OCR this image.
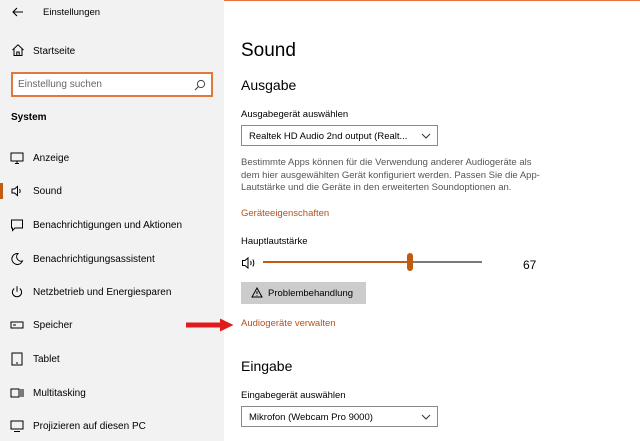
Einstellungen
Startseite
Einstellung suchen
System
Anzeige
Sound
Benachrichtigungen und Aktionen
Benachrichtigungsassistent
Netzbetrieb und Energiesparen
Speicher
Tablet
Multitasking
Projizieren auf diesen PC
Sound
Ausgabe
Ausgabegerät auswählen
Realtek HD Audio 2nd output (Realt...

Bestimmte Apps können für die Verwendung anderer Audiogeräte als dem hier ausgewählten Gerät konfiguriert werden. Passen Sie die App-Lautstärke und die Geräte in den erweiterten Soundoptionen an.

Geräteeigenschaften
Hauptlautstärke
67
Problembehandlung
Audiogeräte verwalten
Eingabe
Eingabegerät auswählen
Mikrofon (Webcam Pro 9000)
